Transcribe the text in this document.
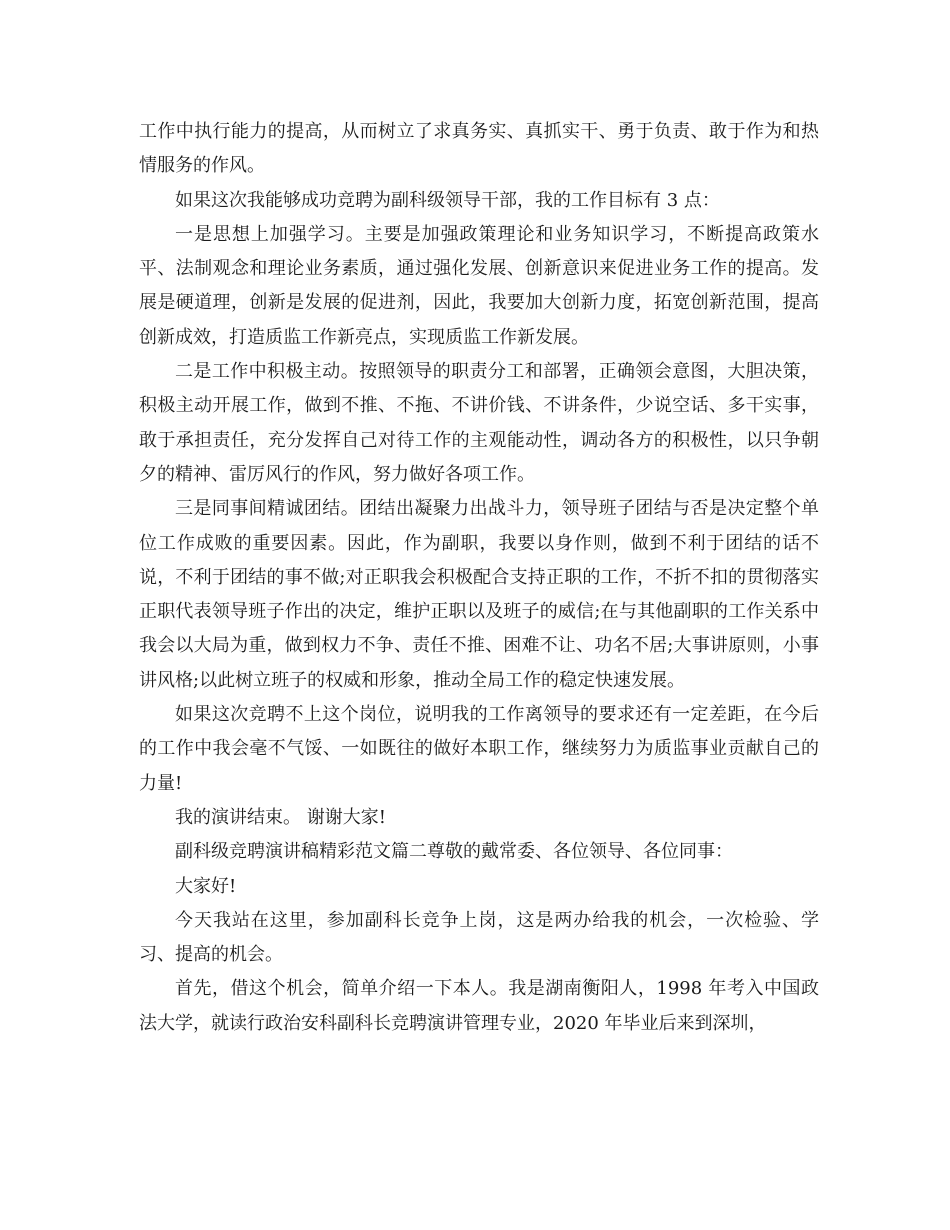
工作中执行能力的提高，从而树立了求真务实、真抓实干、勇于负责、敢于作为和热情服务的作风。

如果这次我能够成功竞聘为副科级领导干部，我的工作目标有 3 点：

一是思想上加强学习。主要是加强政策理论和业务知识学习，不断提高政策水平、法制观念和理论业务素质，通过强化发展、创新意识来促进业务工作的提高。发展是硬道理，创新是发展的促进剂，因此，我要加大创新力度，拓宽创新范围，提高创新成效，打造质监工作新亮点，实现质监工作新发展。

二是工作中积极主动。按照领导的职责分工和部署，正确领会意图，大胆决策，积极主动开展工作，做到不推、不拖、不讲价钱、不讲条件，少说空话、多干实事，敢于承担责任，充分发挥自己对待工作的主观能动性，调动各方的积极性，以只争朝夕的精神、雷厉风行的作风，努力做好各项工作。

三是同事间精诚团结。团结出凝聚力出战斗力，领导班子团结与否是决定整个单位工作成败的重要因素。因此，作为副职，我要以身作则，做到不利于团结的话不说，不利于团结的事不做;对正职我会积极配合支持正职的工作，不折不扣的贯彻落实正职代表领导班子作出的决定，维护正职以及班子的威信;在与其他副职的工作关系中我会以大局为重，做到权力不争、责任不推、困难不让、功名不居;大事讲原则，小事讲风格;以此树立班子的权威和形象，推动全局工作的稳定快速发展。

如果这次竞聘不上这个岗位，说明我的工作离领导的要求还有一定差距，在今后的工作中我会毫不气馁、一如既往的做好本职工作，继续努力为质监事业贡献自己的力量!

我的演讲结束。 谢谢大家!

副科级竞聘演讲稿精彩范文篇二尊敬的戴常委、各位领导、各位同事：

大家好!

今天我站在这里，参加副科长竞争上岗，这是两办给我的机会，一次检验、学习、提高的机会。

首先，借这个机会，简单介绍一下本人。我是湖南衡阳人，1998 年考入中国政法大学，就读行政治安科副科长竞聘演讲管理专业，2020 年毕业后来到深圳，
